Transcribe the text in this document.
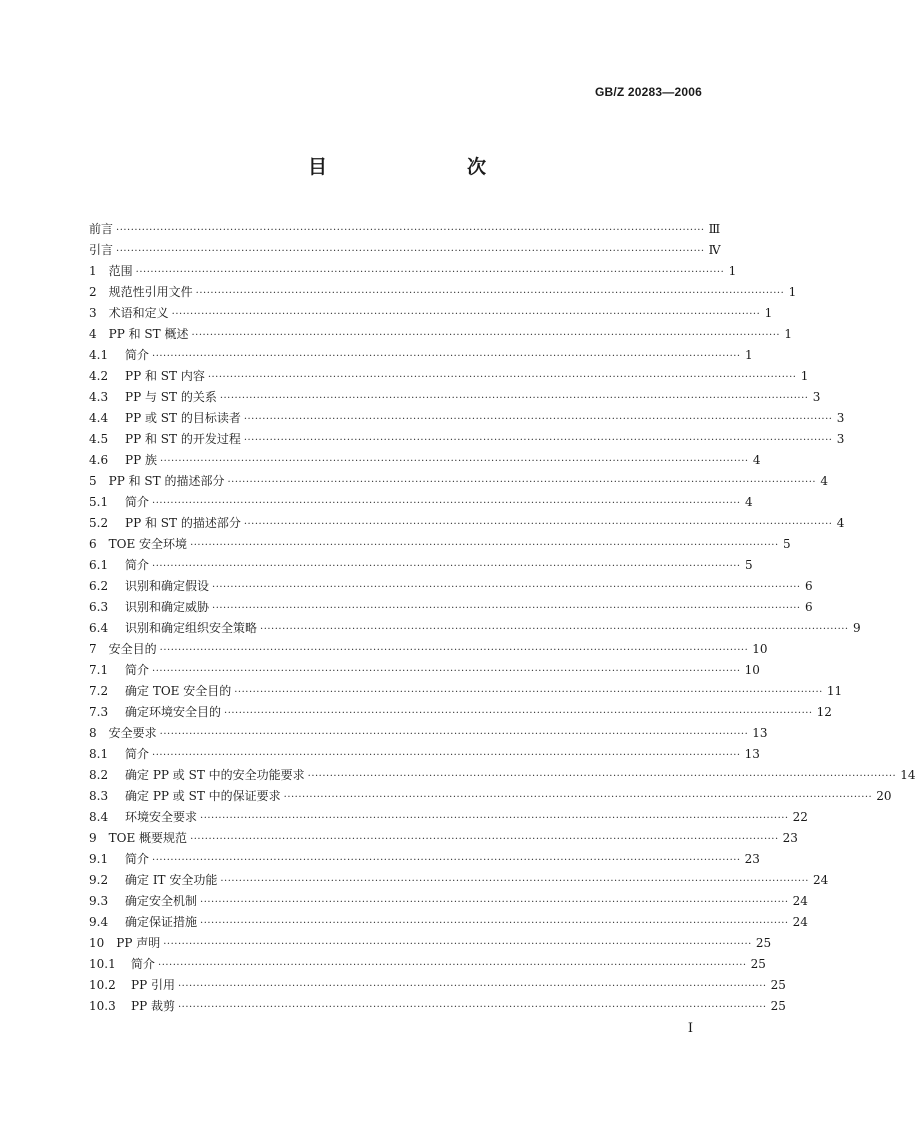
GB/Z 20283—2006
目　　次
前言 ································································································································································ Ⅲ
引言 ································································································································································ Ⅳ
1	范围 ································································································································································ 1
2	规范性引用文件 ································································································································································ 1
3	术语和定义 ································································································································································ 1
4	PP 和 ST 概述 ································································································································································ 1
4.1	简介 ································································································································································ 1
4.2	PP 和 ST 内容 ································································································································································ 1
4.3	PP 与 ST 的关系 ································································································································································ 3
4.4	PP 或 ST 的目标读者 ································································································································································ 3
4.5	PP 和 ST 的开发过程 ································································································································································ 3
4.6	PP 族 ································································································································································ 4
5	PP 和 ST 的描述部分 ································································································································································ 4
5.1	简介 ································································································································································ 4
5.2	PP 和 ST 的描述部分 ································································································································································ 4
6	TOE 安全环境 ································································································································································ 5
6.1	简介 ································································································································································ 5
6.2	识别和确定假设 ································································································································································ 6
6.3	识别和确定威胁 ································································································································································ 6
6.4	识别和确定组织安全策略 ································································································································································ 9
7	安全目的 ································································································································································ 10
7.1	简介 ································································································································································ 10
7.2	确定 TOE 安全目的 ································································································································································ 11
7.3	确定环境安全目的 ································································································································································ 12
8	安全要求 ································································································································································ 13
8.1	简介 ································································································································································ 13
8.2	确定 PP 或 ST 中的安全功能要求 ································································································································································ 14
8.3	确定 PP 或 ST 中的保证要求 ································································································································································ 20
8.4	环境安全要求 ································································································································································ 22
9	TOE 概要规范 ································································································································································ 23
9.1	简介 ································································································································································ 23
9.2	确定 IT 安全功能 ································································································································································ 24
9.3	确定安全机制 ································································································································································ 24
9.4	确定保证措施 ································································································································································ 24
10	PP 声明 ································································································································································ 25
10.1	简介 ································································································································································ 25
10.2	PP 引用 ································································································································································ 25
10.3	PP 裁剪 ································································································································································ 25
I
